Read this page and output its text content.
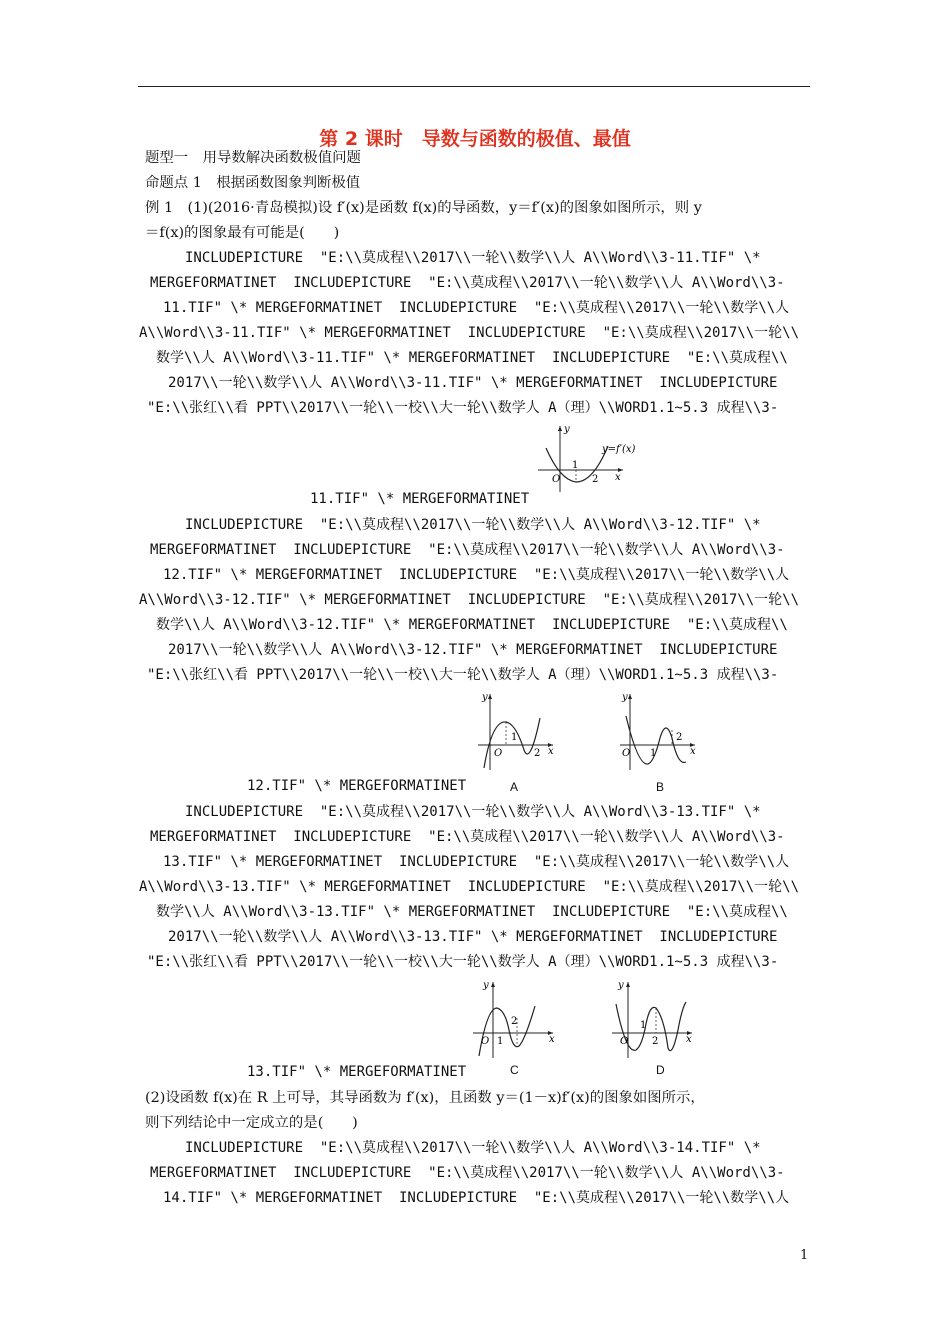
第 2 课时　导数与函数的极值、最值
题型一　用导数解决函数极值问题
命题点 1　根据函数图象判断极值
例 1　(1)(2016·青岛模拟)设 f′(x)是函数 f(x)的导函数，y＝f′(x)的图象如图所示，则 y
＝f(x)的图象最有可能是(　　)
INCLUDEPICTURE  "E:\\莫成程\\2017\\一轮\\数学\\人 A\\Word\\3-11.TIF" \*
MERGEFORMATINET  INCLUDEPICTURE  "E:\\莫成程\\2017\\一轮\\数学\\人 A\\Word\\3-
11.TIF" \* MERGEFORMATINET  INCLUDEPICTURE  "E:\\莫成程\\2017\\一轮\\数学\\人
A\\Word\\3-11.TIF" \* MERGEFORMATINET  INCLUDEPICTURE  "E:\\莫成程\\2017\\一轮\\
数学\\人 A\\Word\\3-11.TIF" \* MERGEFORMATINET  INCLUDEPICTURE  "E:\\莫成程\\
2017\\一轮\\数学\\人 A\\Word\\3-11.TIF" \* MERGEFORMATINET  INCLUDEPICTURE
"E:\\张红\\看 PPT\\2017\\一轮\\一校\\大一轮\\数学人 A（理）\\WORD1.1~5.3 成程\\3-
11.TIF" \* MERGEFORMATINET
y
O
1
2 x
y=f′(x)
INCLUDEPICTURE  "E:\\莫成程\\2017\\一轮\\数学\\人 A\\Word\\3-12.TIF" \*
MERGEFORMATINET  INCLUDEPICTURE  "E:\\莫成程\\2017\\一轮\\数学\\人 A\\Word\\3-
12.TIF" \* MERGEFORMATINET  INCLUDEPICTURE  "E:\\莫成程\\2017\\一轮\\数学\\人
A\\Word\\3-12.TIF" \* MERGEFORMATINET  INCLUDEPICTURE  "E:\\莫成程\\2017\\一轮\\
数学\\人 A\\Word\\3-12.TIF" \* MERGEFORMATINET  INCLUDEPICTURE  "E:\\莫成程\\
2017\\一轮\\数学\\人 A\\Word\\3-12.TIF" \* MERGEFORMATINET  INCLUDEPICTURE
"E:\\张红\\看 PPT\\2017\\一轮\\一校\\大一轮\\数学人 A（理）\\WORD1.1~5.3 成程\\3-
12.TIF" \* MERGEFORMATINET
y
O
1
2 x
A
y
O 1
2
x
B
INCLUDEPICTURE  "E:\\莫成程\\2017\\一轮\\数学\\人 A\\Word\\3-13.TIF" \*
MERGEFORMATINET  INCLUDEPICTURE  "E:\\莫成程\\2017\\一轮\\数学\\人 A\\Word\\3-
13.TIF" \* MERGEFORMATINET  INCLUDEPICTURE  "E:\\莫成程\\2017\\一轮\\数学\\人
A\\Word\\3-13.TIF" \* MERGEFORMATINET  INCLUDEPICTURE  "E:\\莫成程\\2017\\一轮\\
数学\\人 A\\Word\\3-13.TIF" \* MERGEFORMATINET  INCLUDEPICTURE  "E:\\莫成程\\
2017\\一轮\\数学\\人 A\\Word\\3-13.TIF" \* MERGEFORMATINET  INCLUDEPICTURE
"E:\\张红\\看 PPT\\2017\\一轮\\一校\\大一轮\\数学人 A（理）\\WORD1.1~5.3 成程\\3-
13.TIF" \* MERGEFORMATINET
y
O 1
2
x
C
y
O
1
2	x
D
(2)设函数 f(x)在 R 上可导，其导函数为 f′(x)，且函数 y＝(1－x)f′(x)的图象如图所示，
则下列结论中一定成立的是(　　)
INCLUDEPICTURE  "E:\\莫成程\\2017\\一轮\\数学\\人 A\\Word\\3-14.TIF" \*
MERGEFORMATINET  INCLUDEPICTURE  "E:\\莫成程\\2017\\一轮\\数学\\人 A\\Word\\3-
14.TIF" \* MERGEFORMATINET  INCLUDEPICTURE  "E:\\莫成程\\2017\\一轮\\数学\\人
1
